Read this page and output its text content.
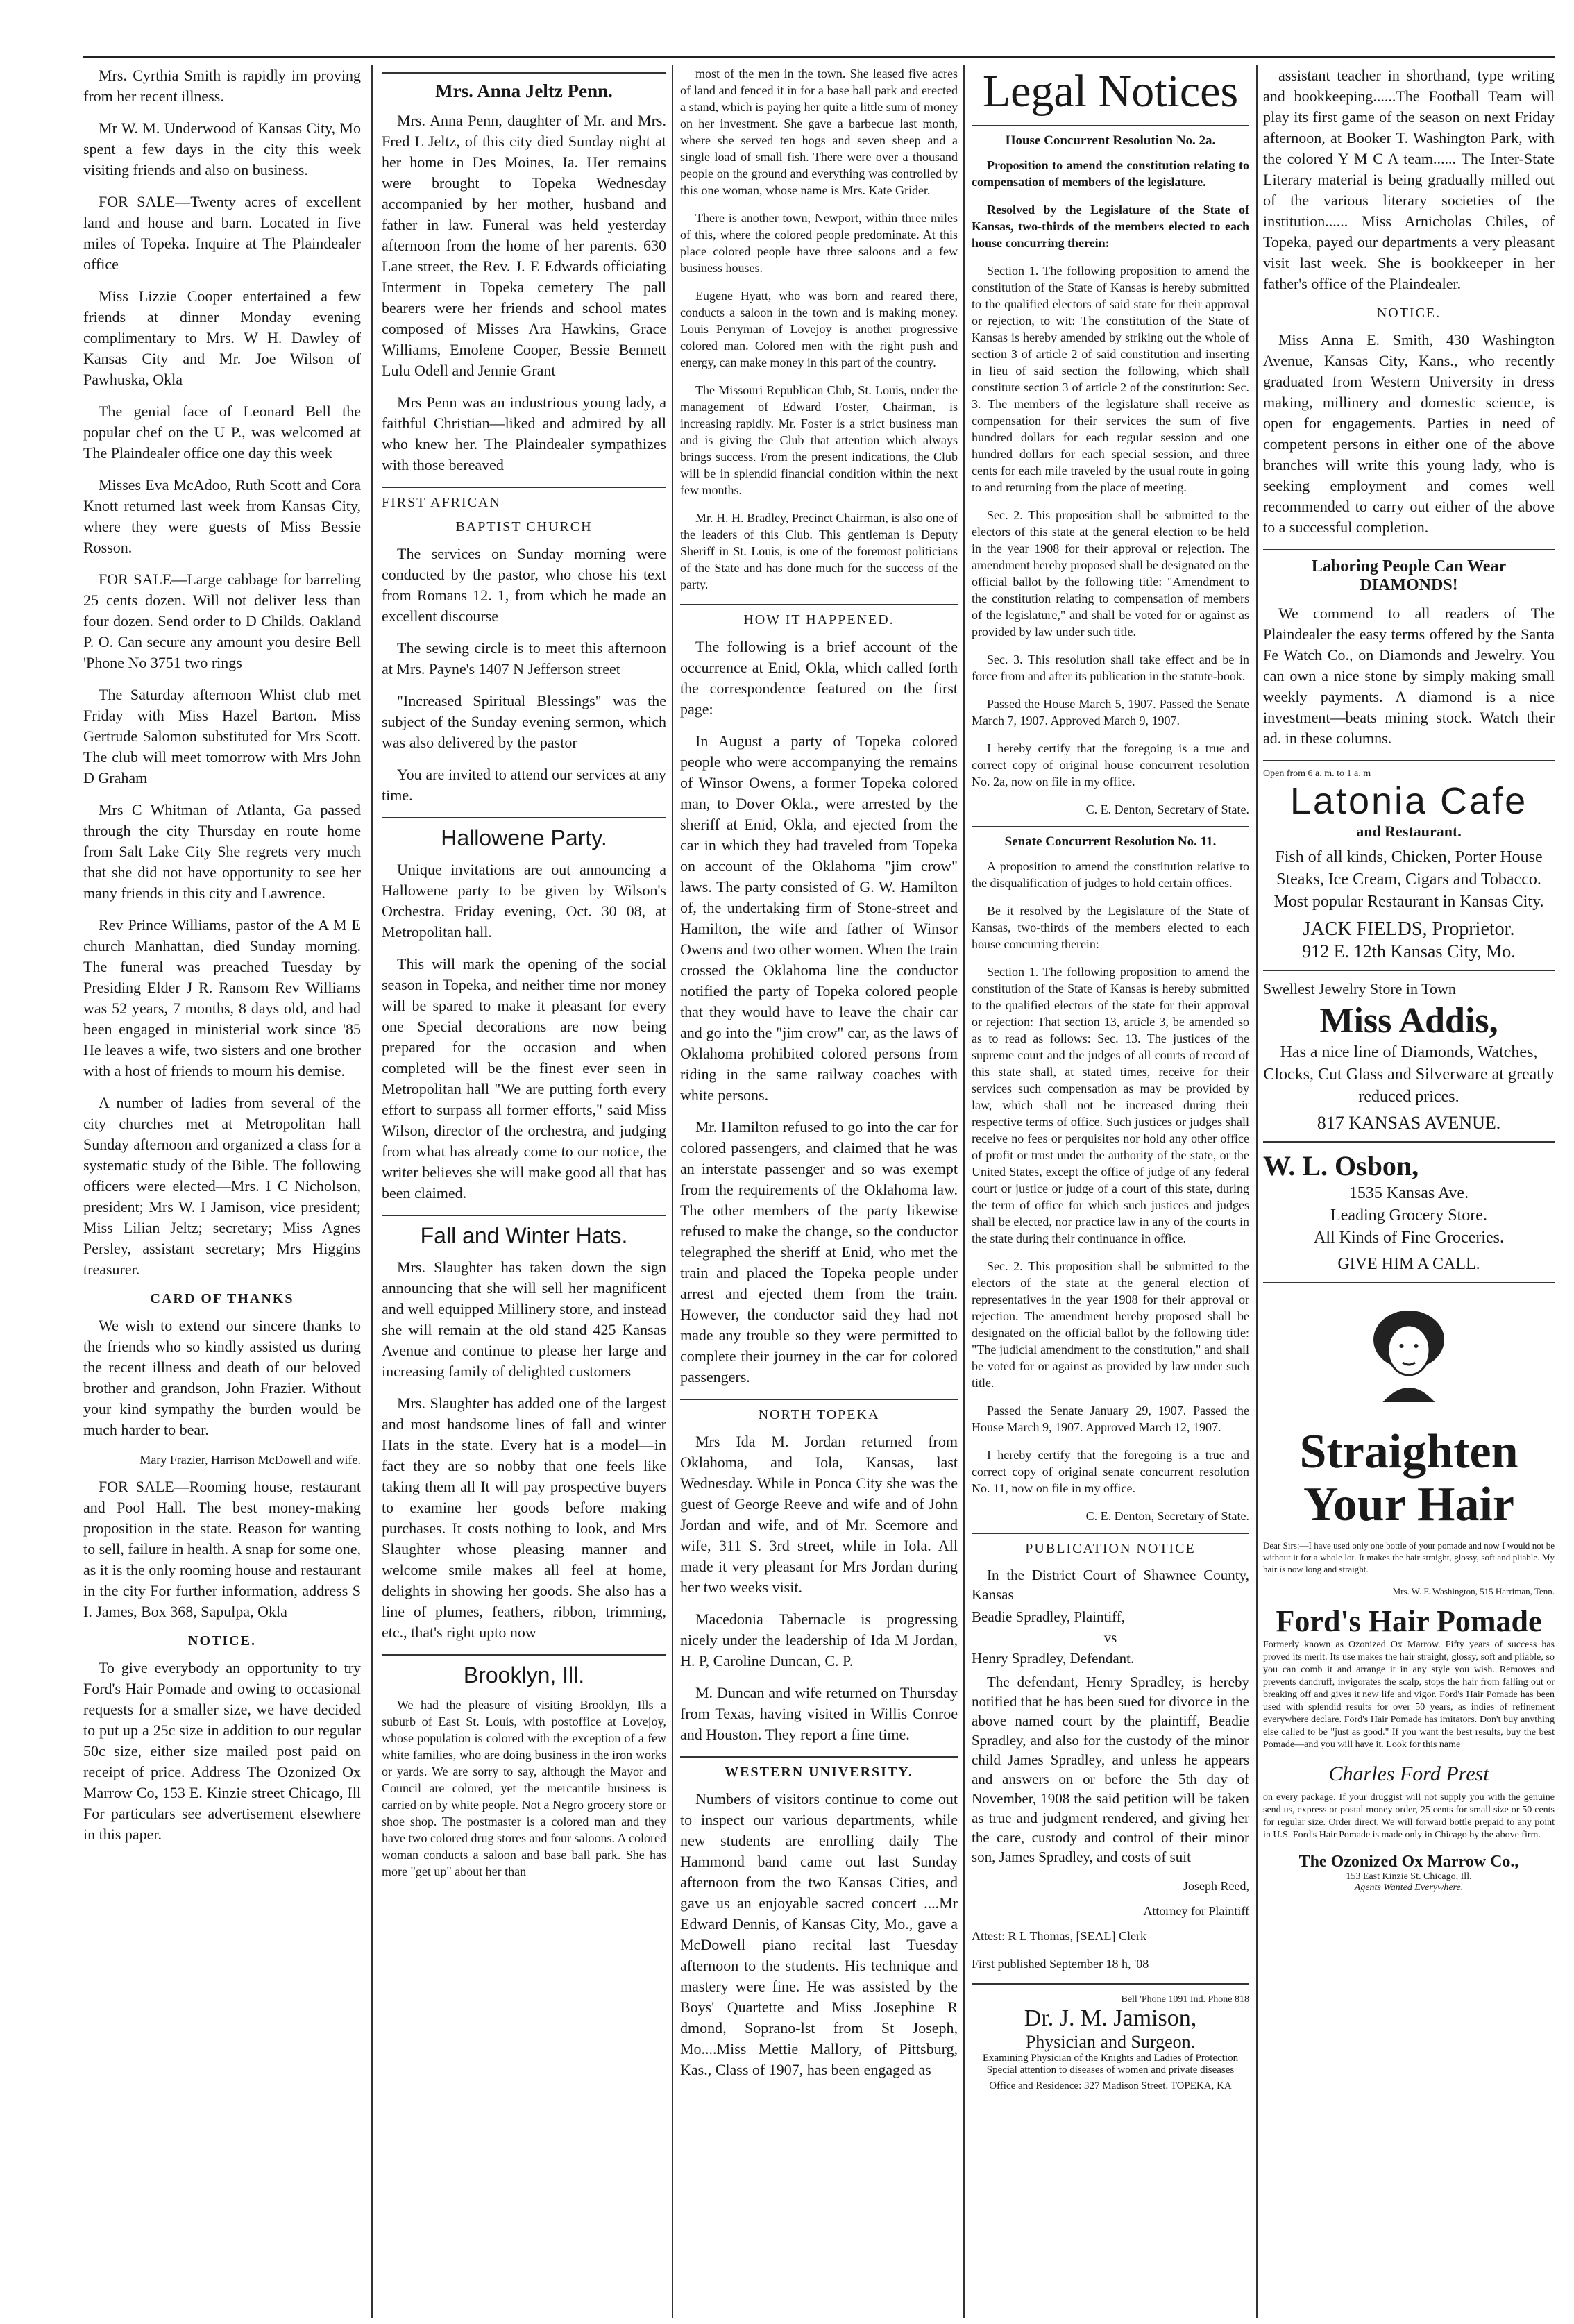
Mrs. Cyrthia Smith is rapidly im proving from her recent illness.

Mr W. M. Underwood of Kansas City, Mo spent a few days in the city this week visiting friends and also on business.

FOR SALE—Twenty acres of excellent land and house and barn. Located in five miles of Topeka. Inquire at The Plaindealer office

Miss Lizzie Cooper entertained a few friends at dinner Monday evening complimentary to Mrs. W H. Dawley of Kansas City and Mr. Joe Wilson of Pawhuska, Okla

The genial face of Leonard Bell the popular chef on the U P., was welcomed at The Plaindealer office one day this week

Misses Eva McAdoo, Ruth Scott and Cora Knott returned last week from Kansas City, where they were guests of Miss Bessie Rosson.

FOR SALE—Large cabbage for barreling 25 cents dozen. Will not deliver less than four dozen. Send order to D Childs. Oakland P. O. Can secure any amount you desire Bell 'Phone No 3751 two rings

The Saturday afternoon Whist club met Friday with Miss Hazel Barton. Miss Gertrude Salomon substituted for Mrs Scott. The club will meet tomorrow with Mrs John D Graham

Mrs C Whitman of Atlanta, Ga passed through the city Thursday en route home from Salt Lake City She regrets very much that she did not have opportunity to see her many friends in this city and Lawrence.

Rev Prince Williams, pastor of the A M E church Manhattan, died Sunday morning. The funeral was preached Tuesday by Presiding Elder J R. Ransom Rev Williams was 52 years, 7 months, 8 days old, and had been engaged in ministerial work since '85 He leaves a wife, two sisters and one brother with a host of friends to mourn his demise.

A number of ladies from several of the city churches met at Metropolitan hall Sunday afternoon and organized a class for a systematic study of the Bible. The following officers were elected—Mrs. I C Nicholson, president; Mrs W. I Jamison, vice president; Miss Lilian Jeltz; secretary; Miss Agnes Persley, assistant secretary; Mrs Higgins treasurer.

CARD OF THANKS

We wish to extend our sincere thanks to the friends who so kindly assisted us during the recent illness and death of our beloved brother and grandson, John Frazier. Without your kind sympathy the burden would be much harder to bear.

Mary Frazier, Harrison McDowell and wife.

FOR SALE—Rooming house, restaurant and Pool Hall. The best money-making proposition in the state. Reason for wanting to sell, failure in health. A snap for some one, as it is the only rooming house and restaurant in the city For further information, address S I. James, Box 368, Sapulpa, Okla

NOTICE.

To give everybody an opportunity to try Ford's Hair Pomade and owing to occasional requests for a smaller size, we have decided to put up a 25c size in addition to our regular 50c size, either size mailed post paid on receipt of price. Address The Ozonized Ox Marrow Co, 153 E. Kinzie street Chicago, Ill For particulars see advertisement elsewhere in this paper.

Mrs. Anna Jeltz Penn.

Mrs. Anna Penn, daughter of Mr. and Mrs. Fred L Jeltz, of this city died Sunday night at her home in Des Moines, Ia. Her remains were brought to Topeka Wednesday accompanied by her mother, husband and father in law. Funeral was held yesterday afternoon from the home of her parents. 630 Lane street, the Rev. J. E Edwards officiating Interment in Topeka cemetery The pall bearers were her friends and school mates composed of Misses Ara Hawkins, Grace Williams, Emolene Cooper, Bessie Bennett Lulu Odell and Jennie Grant

Mrs Penn was an industrious young lady, a faithful Christian—liked and admired by all who knew her. The Plaindealer sympathizes with those bereaved

FIRST AFRICAN
BAPTIST CHURCH

The services on Sunday morning were conducted by the pastor, who chose his text from Romans 12. 1, from which he made an excellent discourse

The sewing circle is to meet this afternoon at Mrs. Payne's 1407 N Jefferson street

"Increased Spiritual Blessings" was the subject of the Sunday evening sermon, which was also delivered by the pastor

You are invited to attend our services at any time.

Hallowene Party.

Unique invitations are out announcing a Hallowene party to be given by Wilson's Orchestra. Friday evening, Oct. 30 08, at Metropolitan hall.

This will mark the opening of the social season in Topeka, and neither time nor money will be spared to make it pleasant for every one Special decorations are now being prepared for the occasion and when completed will be the finest ever seen in Metropolitan hall "We are putting forth every effort to surpass all former efforts," said Miss Wilson, director of the orchestra, and judging from what has already come to our notice, the writer believes she will make good all that has been claimed.

Fall and Winter Hats.

Mrs. Slaughter has taken down the sign announcing that she will sell her magnificent and well equipped Millinery store, and instead she will remain at the old stand 425 Kansas Avenue and continue to please her large and increasing family of delighted customers

Mrs. Slaughter has added one of the largest and most handsome lines of fall and winter Hats in the state. Every hat is a model—in fact they are so nobby that one feels like taking them all It will pay prospective buyers to examine her goods before making purchases. It costs nothing to look, and Mrs Slaughter whose pleasing manner and welcome smile makes all feel at home, delights in showing her goods. She also has a line of plumes, feathers, ribbon, trimming, etc., that's right upto now

Brooklyn, Ill.

We had the pleasure of visiting Brooklyn, Ills a suburb of East St. Louis, with postoffice at Lovejoy, whose population is colored with the exception of a few white families, who are doing business in the iron works or yards. We are sorry to say, although the Mayor and Council are colored, yet the mercantile business is carried on by white people. Not a Negro grocery store or shoe shop. The postmaster is a colored man and they have two colored drug stores and four saloons. A colored woman conducts a saloon and base ball park. She has more "get up" about her than

most of the men in the town. She leased five acres of land and fenced it in for a base ball park and erected a stand, which is paying her quite a little sum of money on her investment. She gave a barbecue last month, where she served ten hogs and seven sheep and a single load of small fish. There were over a thousand people on the ground and everything was controlled by this one woman, whose name is Mrs. Kate Grider.

There is another town, Newport, within three miles of this, where the colored people predominate. At this place colored people have three saloons and a few business houses.

Eugene Hyatt, who was born and reared there, conducts a saloon in the town and is making money. Louis Perryman of Lovejoy is another progressive colored man. Colored men with the right push and energy, can make money in this part of the country.

The Missouri Republican Club, St. Louis, under the management of Edward Foster, Chairman, is increasing rapidly. Mr. Foster is a strict business man and is giving the Club that attention which always brings success. From the present indications, the Club will be in splendid financial condition within the next few months.

Mr. H. H. Bradley, Precinct Chairman, is also one of the leaders of this Club. This gentleman is Deputy Sheriff in St. Louis, is one of the foremost politicians of the State and has done much for the success of the party.

HOW IT HAPPENED.

The following is a brief account of the occurrence at Enid, Okla, which called forth the correspondence featured on the first page:

In August a party of Topeka colored people who were accompanying the remains of Winsor Owens, a former Topeka colored man, to Dover Okla., were arrested by the sheriff at Enid, Okla, and ejected from the car in which they had traveled from Topeka on account of the Oklahoma "jim crow" laws. The party consisted of G. W. Hamilton of, the undertaking firm of Stone-street and Hamilton, the wife and father of Winsor Owens and two other women. When the train crossed the Oklahoma line the conductor notified the party of Topeka colored people that they would have to leave the chair car and go into the "jim crow" car, as the laws of Oklahoma prohibited colored persons from riding in the same railway coaches with white persons.

Mr. Hamilton refused to go into the car for colored passengers, and claimed that he was an interstate passenger and so was exempt from the requirements of the Oklahoma law. The other members of the party likewise refused to make the change, so the conductor telegraphed the sheriff at Enid, who met the train and placed the Topeka people under arrest and ejected them from the train. However, the conductor said they had not made any trouble so they were permitted to complete their journey in the car for colored passengers.

NORTH TOPEKA

Mrs Ida M. Jordan returned from Oklahoma, and Iola, Kansas, last Wednesday. While in Ponca City she was the guest of George Reeve and wife and of John Jordan and wife, and of Mr. Scemore and wife, 311 S. 3rd street, while in Iola. All made it very pleasant for Mrs Jordan during her two weeks visit.

Macedonia Tabernacle is progressing nicely under the leadership of Ida M Jordan, H. P, Caroline Duncan, C. P.

M. Duncan and wife returned on Thursday from Texas, having visited in Willis Conroe and Houston. They report a fine time.

WESTERN UNIVERSITY.

Numbers of visitors continue to come out to inspect our various departments, while new students are enrolling daily The Hammond band came out last Sunday afternoon from the two Kansas Cities, and gave us an enjoyable sacred concert ....Mr Edward Dennis, of Kansas City, Mo., gave a McDowell piano recital last Tuesday afternoon to the students. His technique and mastery were fine. He was assisted by the Boys' Quartette and Miss Josephine R dmond, Soprano-lst from St Joseph, Mo....Miss Mettie Mallory, of Pittsburg, Kas., Class of 1907, has been engaged as

Legal Notices
House Concurrent Resolution No. 2a.

Proposition to amend the constitution relating to compensation of members of the legislature.

Resolved by the Legislature of the State of Kansas, two-thirds of the members elected to each house concurring therein:

Section 1. The following proposition to amend the constitution of the State of Kansas is hereby submitted to the qualified electors of said state for their approval or rejection, to wit: The constitution of the State of Kansas is hereby amended by striking out the whole of section 3 of article 2 of said constitution and inserting in lieu of said section the following, which shall constitute section 3 of article 2 of the constitution: Sec. 3. The members of the legislature shall receive as compensation for their services the sum of five hundred dollars for each regular session and one hundred dollars for each special session, and three cents for each mile traveled by the usual route in going to and returning from the place of meeting.

Sec. 2. This proposition shall be submitted to the electors of this state at the general election to be held in the year 1908 for their approval or rejection. The amendment hereby proposed shall be designated on the official ballot by the following title: "Amendment to the constitution relating to compensation of members of the legislature," and shall be voted for or against as provided by law under such title.

Sec. 3. This resolution shall take effect and be in force from and after its publication in the statute-book.

Passed the House March 5, 1907. Passed the Senate March 7, 1907. Approved March 9, 1907.

I hereby certify that the foregoing is a true and correct copy of original house concurrent resolution No. 2a, now on file in my office.

C. E. Denton, Secretary of State.
Senate Concurrent Resolution No. 11.

A proposition to amend the constitution relative to the disqualification of judges to hold certain offices.

Be it resolved by the Legislature of the State of Kansas, two-thirds of the members elected to each house concurring therein:

Section 1. The following proposition to amend the constitution of the State of Kansas is hereby submitted to the qualified electors of the state for their approval or rejection: That section 13, article 3, be amended so as to read as follows: Sec. 13. The justices of the supreme court and the judges of all courts of record of this state shall, at stated times, receive for their services such compensation as may be provided by law, which shall not be increased during their respective terms of office. Such justices or judges shall receive no fees or perquisites nor hold any other office of profit or trust under the authority of the state, or the United States, except the office of judge of any federal court or justice or judge of a court of this state, during the term of office for which such justices and judges shall be elected, nor practice law in any of the courts in the state during their continuance in office.

Sec. 2. This proposition shall be submitted to the electors of the state at the general election of representatives in the year 1908 for their approval or rejection. The amendment hereby proposed shall be designated on the official ballot by the following title: "The judicial amendment to the constitution," and shall be voted for or against as provided by law under such title.

Passed the Senate January 29, 1907. Passed the House March 9, 1907. Approved March 12, 1907.

I hereby certify that the foregoing is a true and correct copy of original senate concurrent resolution No. 11, now on file in my office.

C. E. Denton, Secretary of State.
PUBLICATION NOTICE

In the District Court of Shawnee County, Kansas

Beadie Spradley, Plaintiff,

vs

Henry Spradley, Defendant.

The defendant, Henry Spradley, is hereby notified that he has been sued for divorce in the above named court by the plaintiff, Beadie Spradley, and also for the custody of the minor child James Spradley, and unless he appears and answers on or before the 5th day of November, 1908 the said petition will be taken as true and judgment rendered, and giving her the care, custody and control of their minor son, James Spradley, and costs of suit

Joseph Reed,
Attorney for Plaintiff

Attest: R L Thomas, [SEAL] Clerk

First published September 18 h, '08

Bell 'Phone 1091 Ind. Phone 818
Dr. J. M. Jamison,
Physician and Surgeon.
Examining Physician of the Knights and Ladies of Protection
Special attention to diseases of women and private diseases
Office and Residence: 327 Madison Street. TOPEKA, KA

assistant teacher in shorthand, type writing and bookkeeping......The Football Team will play its first game of the season on next Friday afternoon, at Booker T. Washington Park, with the colored Y M C A team...... The Inter-State Literary material is being gradually milled out of the various literary societies of the institution...... Miss Arnicholas Chiles, of Topeka, payed our departments a very pleasant visit last week. She is bookkeeper in her father's office of the Plaindealer.

NOTICE.

Miss Anna E. Smith, 430 Washington Avenue, Kansas City, Kans., who recently graduated from Western University in dress making, millinery and domestic science, is open for engagements. Parties in need of competent persons in either one of the above branches will write this young lady, who is seeking employment and comes well recommended to carry out either of the above to a successful completion.

Laboring People Can Wear DIAMONDS!

We commend to all readers of The Plaindealer the easy terms offered by the Santa Fe Watch Co., on Diamonds and Jewelry. You can own a nice stone by simply making small weekly payments. A diamond is a nice investment—beats mining stock. Watch their ad. in these columns.

Open from 6 a. m. to 1 a. m
Latonia Cafe
and Restaurant.
Fish of all kinds, Chicken, Porter House Steaks, Ice Cream, Cigars and Tobacco. Most popular Restaurant in Kansas City.
JACK FIELDS, Proprietor.
912 E. 12th Kansas City, Mo.
Swellest Jewelry Store in Town
Miss Addis,
Has a nice line of Diamonds, Watches, Clocks, Cut Glass and Silverware at greatly reduced prices.
817 KANSAS AVENUE.
W. L. Osbon,
1535 Kansas Ave.
Leading Grocery Store.
All Kinds of Fine Groceries.
GIVE HIM A CALL.
Straighten Your Hair

Dear Sirs:—I have used only one bottle of your pomade and now I would not be without it for a whole lot. It makes the hair straight, glossy, soft and pliable. My hair is now long and straight.

Mrs. W. F. Washington, 515 Harriman, Tenn.
Ford's Hair Pomade

Formerly known as Ozonized Ox Marrow. Fifty years of success has proved its merit. Its use makes the hair straight, glossy, soft and pliable, so you can comb it and arrange it in any style you wish. Removes and prevents dandruff, invigorates the scalp, stops the hair from falling out or breaking off and gives it new life and vigor. Ford's Hair Pomade has been used with splendid results for over 50 years, as indies of refinement everywhere declare. Ford's Hair Pomade has imitators. Don't buy anything else called to be "just as good." If you want the best results, buy the best Pomade—and you will have it. Look for this name

Charles Ford Prest

on every package. If your druggist will not supply you with the genuine send us, express or postal money order, 25 cents for small size or 50 cents for regular size. Order direct. We will forward bottle prepaid to any point in U.S. Ford's Hair Pomade is made only in Chicago by the above firm.

The Ozonized Ox Marrow Co.,
153 East Kinzie St. Chicago, Ill.
Agents Wanted Everywhere.
